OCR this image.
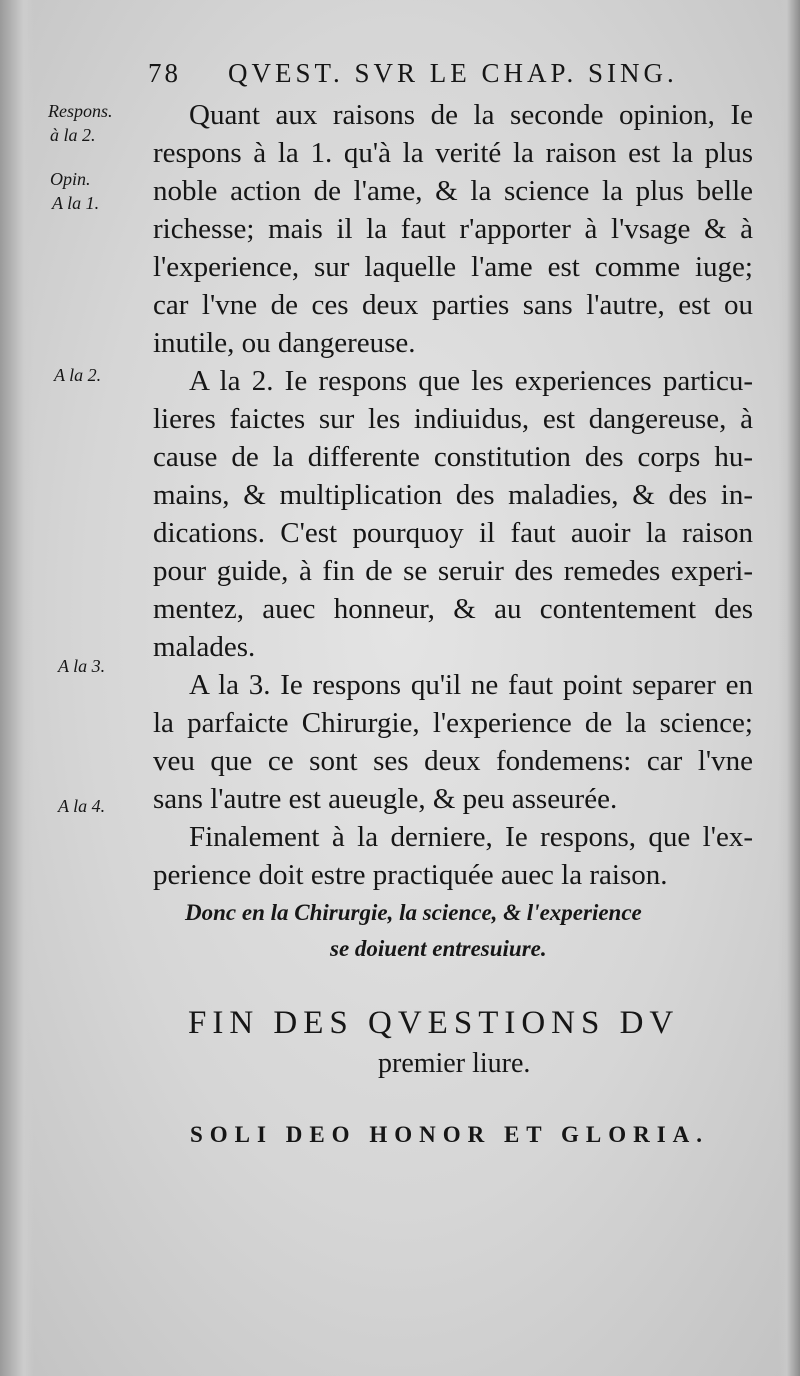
78 QVEST. SVR LE CHAP. SING.
Respons.
à la 2.
Opin.
A la 1.
A la 2.
A la 3.
A la 4.
Quant aux raisons de la seconde opinion, Ie
respons à la 1. qu'à la verité la raison est la plus
noble action de l'ame, & la science la plus belle
richesse; mais il la faut r'apporter à l'vsage & à
l'experience, sur laquelle l'ame est comme iuge;
car l'vne de ces deux parties sans l'autre, est ou
inutile, ou dangereuse.
A la 2. Ie respons que les experiences particu-
lieres faictes sur les indiuidus, est dangereuse, à
cause de la differente constitution des corps hu-
mains, & multiplication des maladies, & des in-
dications. C'est pourquoy il faut auoir la raison
pour guide, à fin de se seruir des remedes experi-
mentez, auec honneur, & au contentement des
malades.
A la 3. Ie respons qu'il ne faut point separer en
la parfaicte Chirurgie, l'experience de la science;
veu que ce sont ses deux fondemens: car l'vne
sans l'autre est aueugle, & peu asseurée.
Finalement à la derniere, Ie respons, que l'ex-
perience doit estre practiquée auec la raison.
Donc en la Chirurgie, la science, & l'experience
se doiuent entresuiure.
FIN DES QVESTIONS DV
premier liure.
SOLI DEO HONOR ET GLORIA.
